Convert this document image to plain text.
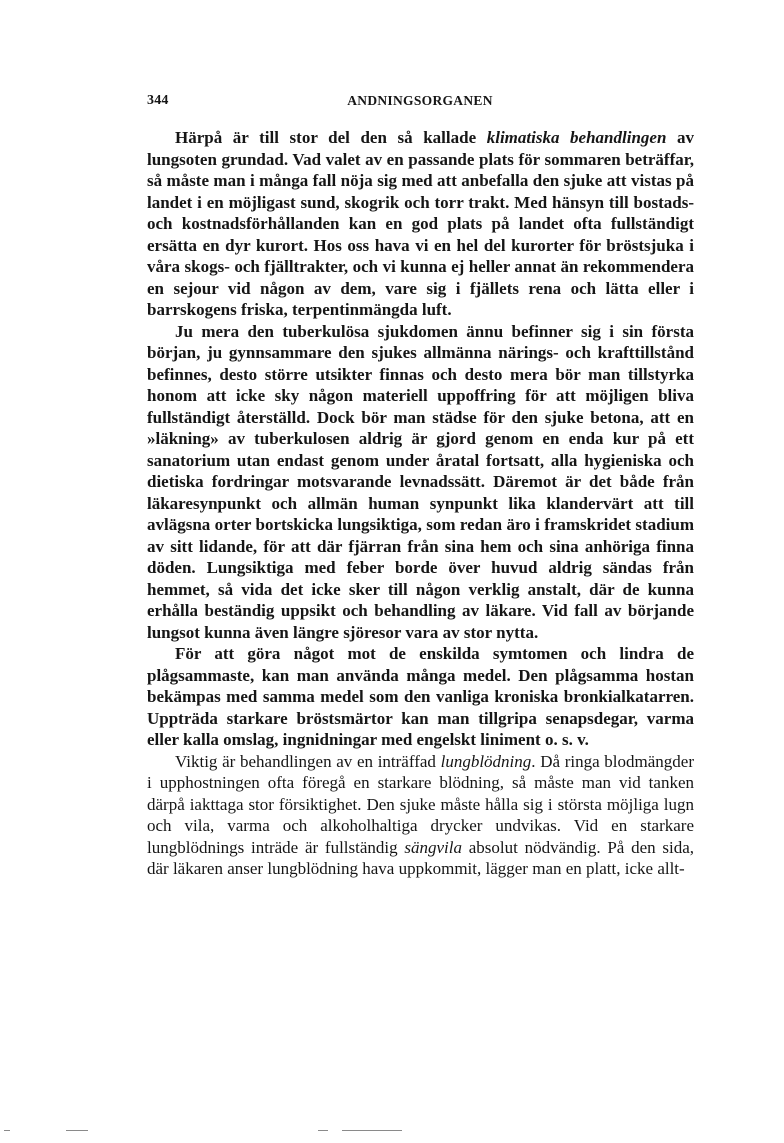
344	ANDNINGSORGANEN

Härpå är till stor del den så kallade klimatiska behandlingen av lungsoten grundad. Vad valet av en passande plats för sommaren beträffar, så måste man i många fall nöja sig med att anbefalla den sjuke att vistas på landet i en möjligast sund, skogrik och torr trakt. Med hänsyn till bostads- och kostnadsförhållanden kan en god plats på landet ofta fullständigt ersätta en dyr kurort. Hos oss hava vi en hel del kurorter för bröstsjuka i våra skogs- och fjälltrakter, och vi kunna ej heller annat än rekommendera en sejour vid någon av dem, vare sig i fjällets rena och lätta eller i barrskogens friska, terpentinmängda luft.

Ju mera den tuberkulösa sjukdomen ännu befinner sig i sin första början, ju gynnsammare den sjukes allmänna närings- och krafttillstånd befinnes, desto större utsikter finnas och desto mera bör man tillstyrka honom att icke sky någon materiell uppoffring för att möjligen bliva fullständigt återställd. Dock bör man städse för den sjuke betona, att en »läkning» av tuberkulosen aldrig är gjord genom en enda kur på ett sanatorium utan endast genom under åratal fortsatt, alla hygieniska och dietiska fordringar motsvarande levnadssätt. Däremot är det både från läkaresynpunkt och allmän human synpunkt lika klandervärt att till avlägsna orter bortskicka lungsiktiga, som redan äro i framskridet stadium av sitt lidande, för att där fjärran från sina hem och sina anhöriga finna döden. Lungsiktiga med feber borde över huvud aldrig sändas från hemmet, så vida det icke sker till någon verklig anstalt, där de kunna erhålla beständig uppsikt och behandling av läkare. Vid fall av börjande lungsot kunna även längre sjöresor vara av stor nytta.

För att göra något mot de enskilda symtomen och lindra de plågsammaste, kan man använda många medel. Den plågsamma hostan bekämpas med samma medel som den vanliga kroniska bronkialkatarren. Uppträda starkare bröstsmärtor kan man tillgripa senapsdegar, varma eller kalla omslag, ingnidningar med engelskt liniment o. s. v.

Viktig är behandlingen av en inträffad lungblödning. Då ringa blodmängder i upphostningen ofta föregå en starkare blödning, så måste man vid tanken därpå iakttaga stor försiktighet. Den sjuke måste hålla sig i största möjliga lugn och vila, varma och alkoholhaltiga drycker undvikas. Vid en starkare lungblödnings inträde är fullständig sängvila absolut nödvändig. På den sida, där läkaren anser lungblödning hava uppkommit, lägger man en platt, icke allt-
